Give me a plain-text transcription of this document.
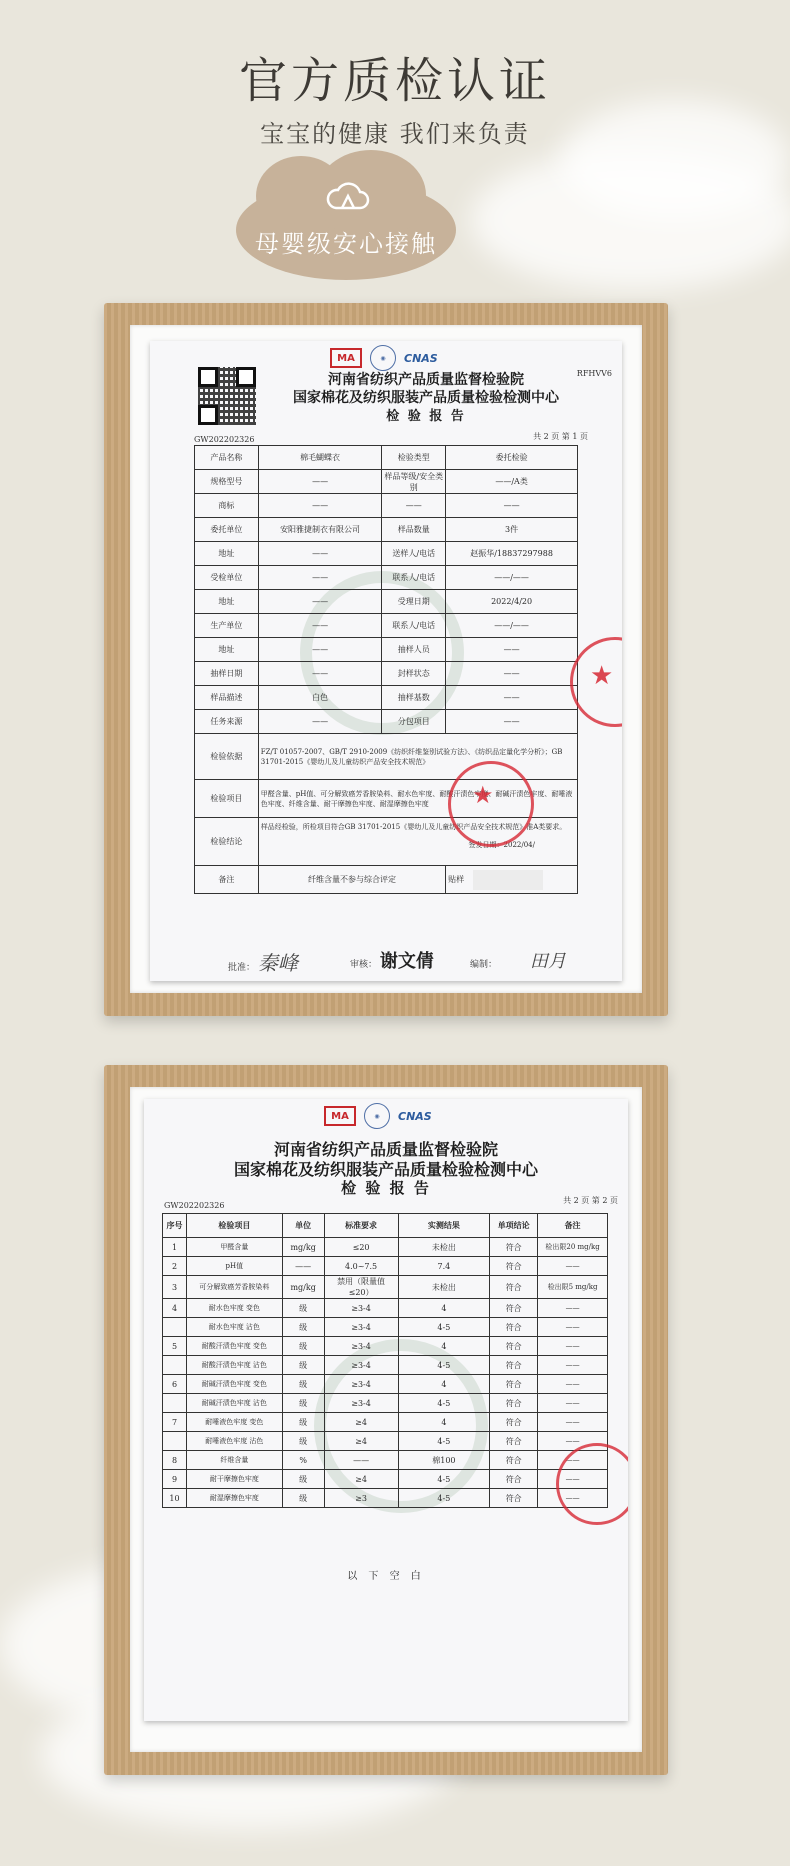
官方质检认证
宝宝的健康 我们来负责
母婴级安心接触
MA	◉	CNAS
RFHVV6
河南省纺织产品质量监督检验院
国家棉花及纺织服装产品质量检验检测中心
检 验 报 告
GW202202326	共 2 页 第 1 页
产品名称	棉毛蝴蝶衣	检验类型	委托检验
规格型号	——	样品等级/安全类别	——/A类
商标	——	——	——
委托单位	安阳雅捷制衣有限公司	样品数量	3件
地址	——	送样人/电话	赵振华/18837297988
受检单位	——	联系人/电话	——/——
地址	——	受理日期	2022/4/20
生产单位	——	联系人/电话	——/——
地址	——	抽样人员	——
抽样日期	——	封样状态	——
样品描述	白色	抽样基数	——
任务来源	——	分包项目	——
检验依据	FZ/T 01057-2007、GB/T 2910-2009《纺织纤维鉴别试验方法》、《纺织品定量化学分析》；GB 31701-2015《婴幼儿及儿童纺织产品安全技术规范》		
检验项目	甲醛含量、pH值、可分解致癌芳香胺染料、耐水色牢度、耐酸汗渍色牢度、耐碱汗渍色牢度、耐唾液色牢度、纤维含量、耐干摩擦色牢度、耐湿摩擦色牢度		
检验结论	样品经检验，所检项目符合GB 31701-2015《婴幼儿及儿童纺织产品安全技术规范》准A类要求。
签发日期：2022/04/		

备注	纤维含量不参与综合评定		贴样
批准： 秦峰	审核： 谢文倩	编制： 田月
★
★
MA	◉	CNAS
河南省纺织产品质量监督检验院
国家棉花及纺织服装产品质量检验检测中心
检 验 报 告
GW202202326
共 2 页 第 2 页
序号	检验项目	单位	标准要求	实测结果	单项结论	备注
1	甲醛含量	mg/kg	≤20	未检出	符合	检出限20 mg/kg
2	pH值	——	4.0~7.5	7.4	符合	——
3	可分解致癌芳香胺染料	mg/kg	禁用（限量值≤20）	未检出	符合	检出限5 mg/kg
4	耐水色牢度 变色	级	≥3-4	4	符合	——
	耐水色牢度 沾色	级	≥3-4	4-5	符合	——
5	耐酸汗渍色牢度 变色	级	≥3-4	4	符合	——
	耐酸汗渍色牢度 沾色	级	≥3-4	4-5	符合	——
6	耐碱汗渍色牢度 变色	级	≥3-4	4	符合	——
	耐碱汗渍色牢度 沾色	级	≥3-4	4-5	符合	——
7	耐唾液色牢度 变色	级	≥4	4	符合	——
	耐唾液色牢度 沾色	级	≥4	4-5	符合	——
8	纤维含量	%	——	棉100	符合	——
9	耐干摩擦色牢度	级	≥4	4-5	符合	——
10	耐湿摩擦色牢度	级	≥3	4-5	符合	——
以 下 空 白
